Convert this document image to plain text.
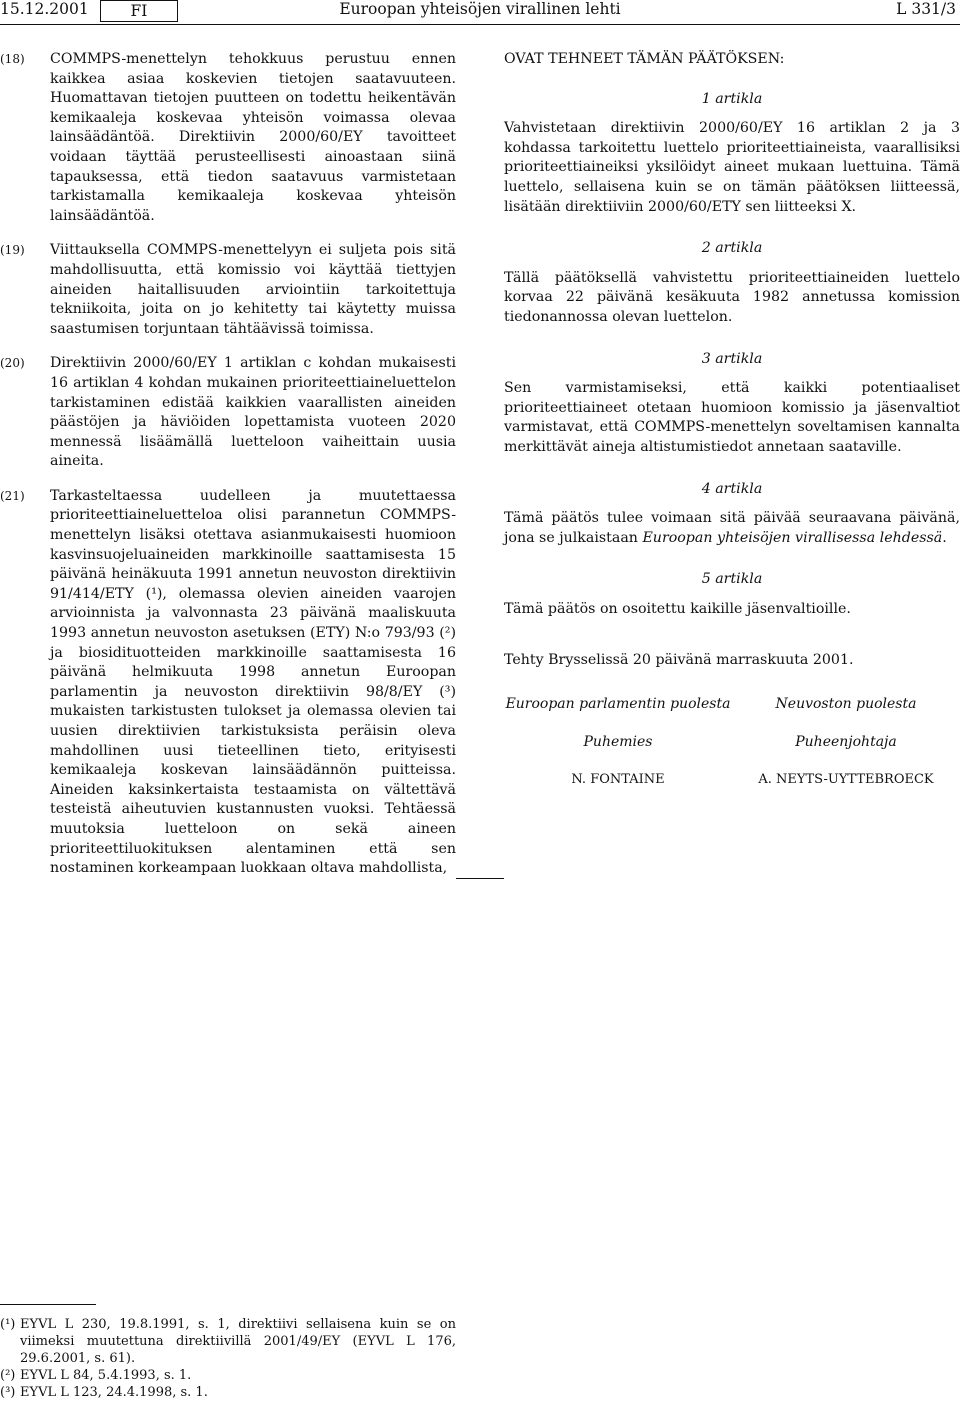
15.12.2001	FI	Euroopan yhteisöjen virallinen lehti	L 331/3
(18) COMMPS-menettelyn tehokkuus perustuu ennen kaikkea asiaa koskevien tietojen saatavuuteen. Huomattavan tietojen puutteen on todettu heikentävän kemikaaleja koskevaa yhteisön voimassa olevaa lainsäädäntöä. Direktiivin 2000/60/EY tavoitteet voidaan täyttää perusteellisesti ainoastaan siinä tapauksessa, että tiedon saatavuus varmistetaan tarkistamalla kemikaaleja koskevaa yhteisön lainsäädäntöä.
(19) Viittauksella COMMPS-menettelyyn ei suljeta pois sitä mahdollisuutta, että komissio voi käyttää tiettyjen aineiden haitallisuuden arviointiin tarkoitettuja tekniikoita, joita on jo kehitetty tai käytetty muissa saastumisen torjuntaan tähtäävissä toimissa.
(20) Direktiivin 2000/60/EY 1 artiklan c kohdan mukaisesti 16 artiklan 4 kohdan mukainen prioriteettiaineluettelon tarkistaminen edistää kaikkien vaarallisten aineiden päästöjen ja häviöiden lopettamista vuoteen 2020 mennessä lisäämällä luetteloon vaiheittain uusia aineita.
(21) Tarkasteltaessa uudelleen ja muutettaessa prioriteettiaineluetteloa olisi parannetun COMMPS-menettelyn lisäksi otettava asianmukaisesti huomioon kasvinsuojeluaineiden markkinoille saattamisesta 15 päivänä heinäkuuta 1991 annetun neuvoston direktiivin 91/414/ETY (¹), olemassa olevien aineiden vaarojen arvioinnista ja valvonnasta 23 päivänä maaliskuuta 1993 annetun neuvoston asetuksen (ETY) N:o 793/93 (²) ja biosidituotteiden markkinoille saattamisesta 16 päivänä helmikuuta 1998 annetun Euroopan parlamentin ja neuvoston direktiivin 98/8/EY (³) mukaisten tarkistusten tulokset ja olemassa olevien tai uusien direktiivien tarkistuksista peräisin oleva mahdollinen uusi tieteellinen tieto, erityisesti kemikaaleja koskevan lainsäädännön puitteissa. Aineiden kaksinkertaista testaamista on vältettävä testeistä aiheutuvien kustannusten vuoksi. Tehtäessä muutoksia luetteloon on sekä aineen prioriteettiluokituksen alentaminen että sen nostaminen korkeampaan luokkaan oltava mahdollista,

OVAT TEHNEET TÄMÄN PÄÄTÖKSEN:

1 artikla

Vahvistetaan direktiivin 2000/60/EY 16 artiklan 2 ja 3 kohdassa tarkoitettu luettelo prioriteettiaineista, vaarallisiksi prioriteettiaineiksi yksilöidyt aineet mukaan luettuina. Tämä luettelo, sellaisena kuin se on tämän päätöksen liitteessä, lisätään direktiiviin 2000/60/ETY sen liitteeksi X.

2 artikla

Tällä päätöksellä vahvistettu prioriteettiaineiden luettelo korvaa 22 päivänä kesäkuuta 1982 annetussa komission tiedonannossa olevan luettelon.

3 artikla

Sen varmistamiseksi, että kaikki potentiaaliset prioriteettiaineet otetaan huomioon komissio ja jäsenvaltiot varmistavat, että COMMPS-menettelyn soveltamisen kannalta merkittävät aineja altistumistiedot annetaan saataville.

4 artikla

Tämä päätös tulee voimaan sitä päivää seuraavana päivänä, jona se julkaistaan Euroopan yhteisöjen virallisessa lehdessä.

5 artikla

Tämä päätös on osoitettu kaikille jäsenvaltioille.

Tehty Brysselissä 20 päivänä marraskuuta 2001.

Euroopan parlamentin puolesta	Neuvoston puolesta
Puhemies	Puheenjohtaja
N. FONTAINE	A. NEYTS-UYTTEBROECK
(¹) EYVL L 230, 19.8.1991, s. 1, direktiivi sellaisena kuin se on viimeksi muutettuna direktiivillä 2001/49/EY (EYVL L 176, 29.6.2001, s. 61).
(²) EYVL L 84, 5.4.1993, s. 1.
(³) EYVL L 123, 24.4.1998, s. 1.
